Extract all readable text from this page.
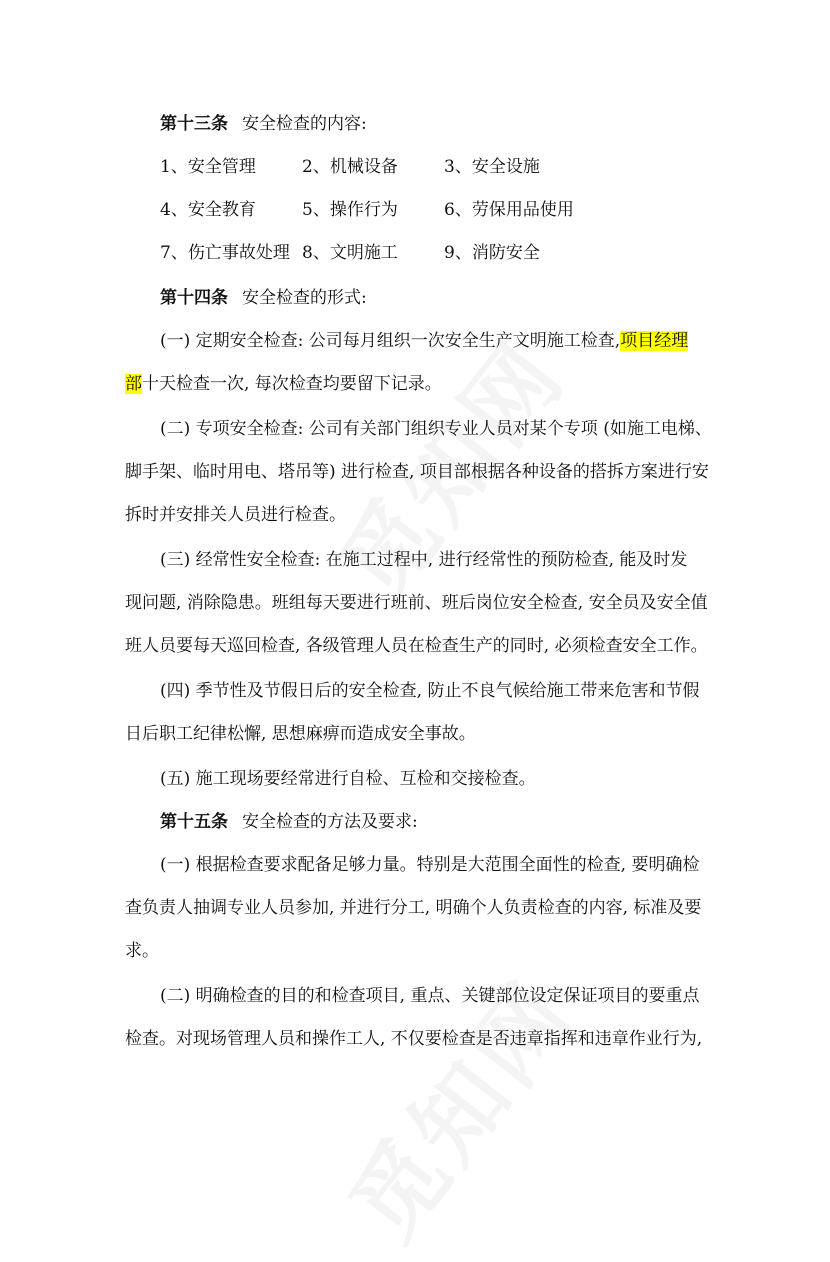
第十三条 安全检查的内容:
1、安全管理	2、机械设备	3、安全设施
4、安全教育	5、操作行为	6、劳保用品使用
7、伤亡事故处理 8、文明施工	9、消防安全
第十四条 安全检查的形式:
(一) 定期安全检查: 公司每月组织一次安全生产文明施工检查,项目经理
部十天检查一次, 每次检查均要留下记录。
(二) 专项安全检查: 公司有关部门组织专业人员对某个专项 (如施工电梯、
脚手架、临时用电、塔吊等) 进行检查, 项目部根据各种设备的搭拆方案进行安
拆时并安排关人员进行检查。
(三) 经常性安全检查: 在施工过程中, 进行经常性的预防检查, 能及时发
现问题, 消除隐患。班组每天要进行班前、班后岗位安全检查, 安全员及安全值
班人员要每天巡回检查, 各级管理人员在检查生产的同时, 必须检查安全工作。
(四) 季节性及节假日后的安全检查, 防止不良气候给施工带来危害和节假
日后职工纪律松懈, 思想麻痹而造成安全事故。
(五) 施工现场要经常进行自检、互检和交接检查。
第十五条 安全检查的方法及要求:
(一) 根据检查要求配备足够力量。特别是大范围全面性的检查, 要明确检
查负责人抽调专业人员参加, 并进行分工, 明确个人负责检查的内容, 标准及要
求。
(二) 明确检查的目的和检查项目, 重点、关键部位设定保证项目的要重点
检查。对现场管理人员和操作工人, 不仅要检查是否违章指挥和违章作业行为,
